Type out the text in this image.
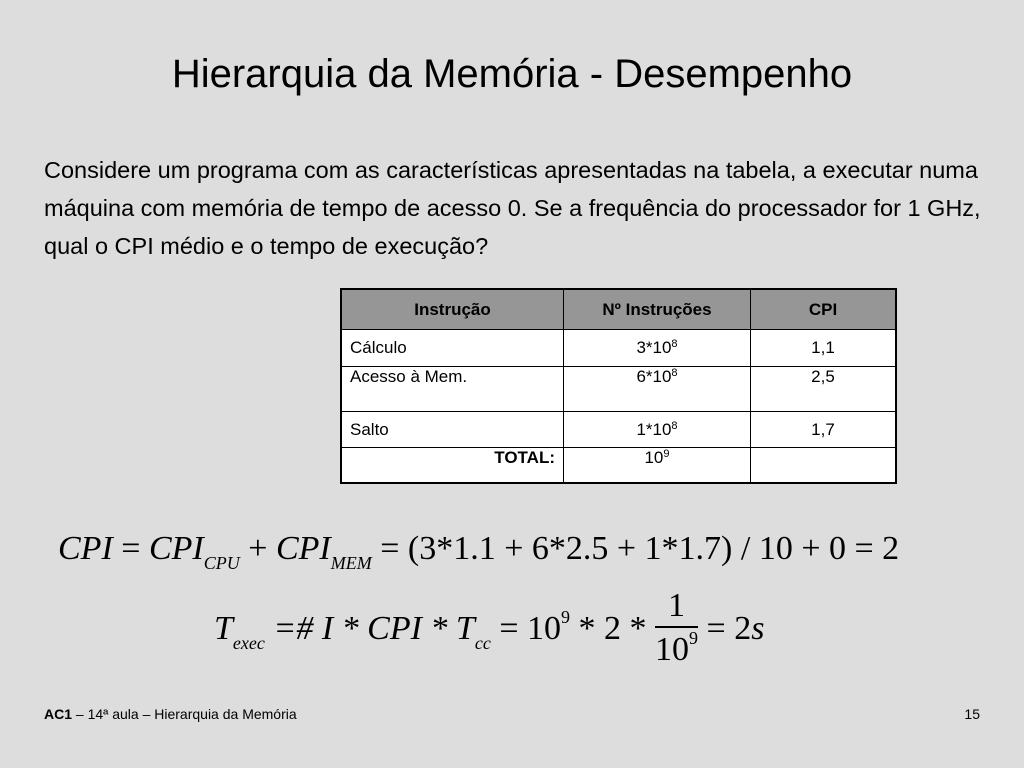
Hierarquia da Memória - Desempenho
Considere um programa com as características apresentadas na tabela, a executar numa máquina com memória de tempo de acesso 0. Se a frequência do processador for 1 GHz, qual o CPI médio e o tempo de execução?
Instrução	Nº Instruções	CPI
Cálculo	$3*10^8$	1,1
Acesso à Mem.	$6*10^8$	2,5
Salto	$1*10^8$	1,7
TOTAL:	$10^9$	
CPI = $CPI_{CPU} + CPI_{MEM} = (3*1.1 + 6*2.5 + 1*1.7) / 10 + 0 = 2$
$T_{exec}$ =# I * CPI * $T_{cc} = 10^9 * 2 * \frac{1}{10^9} = 2s$
AC1 – 14ª aula – Hierarquia da Memória	15
